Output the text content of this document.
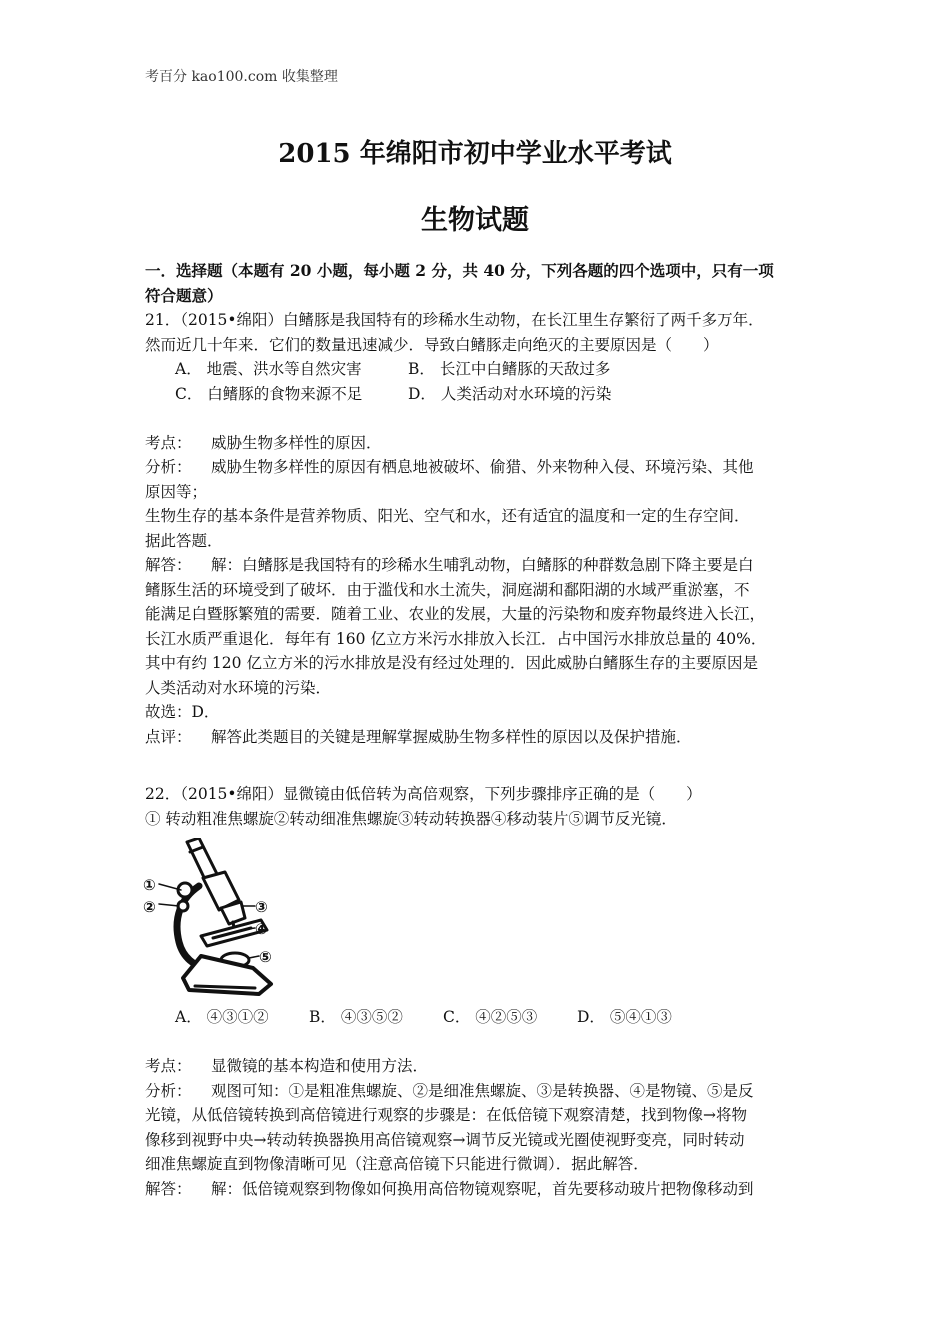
考百分 kao100.com 收集整理
2015 年绵阳市初中学业水平考试
生物试题
一．选择题（本题有 20 小题，每小题 2 分，共 40 分，下列各题的四个选项中，只有一项
符合题意）
21．（2015•绵阳）白鳍豚是我国特有的珍稀水生动物，在长江里生存繁衍了两千多万年．
然而近几十年来．它们的数量迅速减少．导致白鳍豚走向绝灭的主要原因是（　　）
A． 地震、洪水等自然灾害	B． 长江中白鳍豚的天敌过多
C． 白鳍豚的食物来源不足	D． 人类活动对水环境的污染
考点： 威胁生物多样性的原因．
分析： 威胁生物多样性的原因有栖息地被破坏、偷猎、外来物种入侵、环境污染、其他
原因等；
生物生存的基本条件是营养物质、阳光、空气和水，还有适宜的温度和一定的生存空间．
据此答题．
解答： 解：白鳍豚是我国特有的珍稀水生哺乳动物，白鳍豚的种群数急剧下降主要是白
鳍豚生活的环境受到了破坏．由于滥伐和水土流失，洞庭湖和鄱阳湖的水域严重淤塞，不
能满足白暨豚繁殖的需要．随着工业、农业的发展，大量的污染物和废弃物最终进入长江，
长江水质严重退化．每年有 160 亿立方米污水排放入长江．占中国污水排放总量的 40%．
其中有约 120 亿立方米的污水排放是没有经过处理的．因此威胁白鳍豚生存的主要原因是
人类活动对水环境的污染．
故选：D．
点评： 解答此类题目的关键是理解掌握威胁生物多样性的原因以及保护措施．
22．（2015•绵阳）显微镜由低倍转为高倍观察，下列步骤排序正确的是（　　）
① 转动粗准焦螺旋②转动细准焦螺旋③转动转换器④移动装片⑤调节反光镜．
①
②	③
④
⑤
A． ④③①②	B． ④③⑤②	C． ④②⑤③	D． ⑤④①③
考点： 显微镜的基本构造和使用方法．
分析： 观图可知：①是粗准焦螺旋、②是细准焦螺旋、③是转换器、④是物镜、⑤是反
光镜，从低倍镜转换到高倍镜进行观察的步骤是：在低倍镜下观察清楚，找到物像→将物
像移到视野中央→转动转换器换用高倍镜观察→调节反光镜或光圈使视野变亮，同时转动
细准焦螺旋直到物像清晰可见（注意高倍镜下只能进行微调）．据此解答．
解答： 解：低倍镜观察到物像如何换用高倍物镜观察呢，首先要移动玻片把物像移动到
